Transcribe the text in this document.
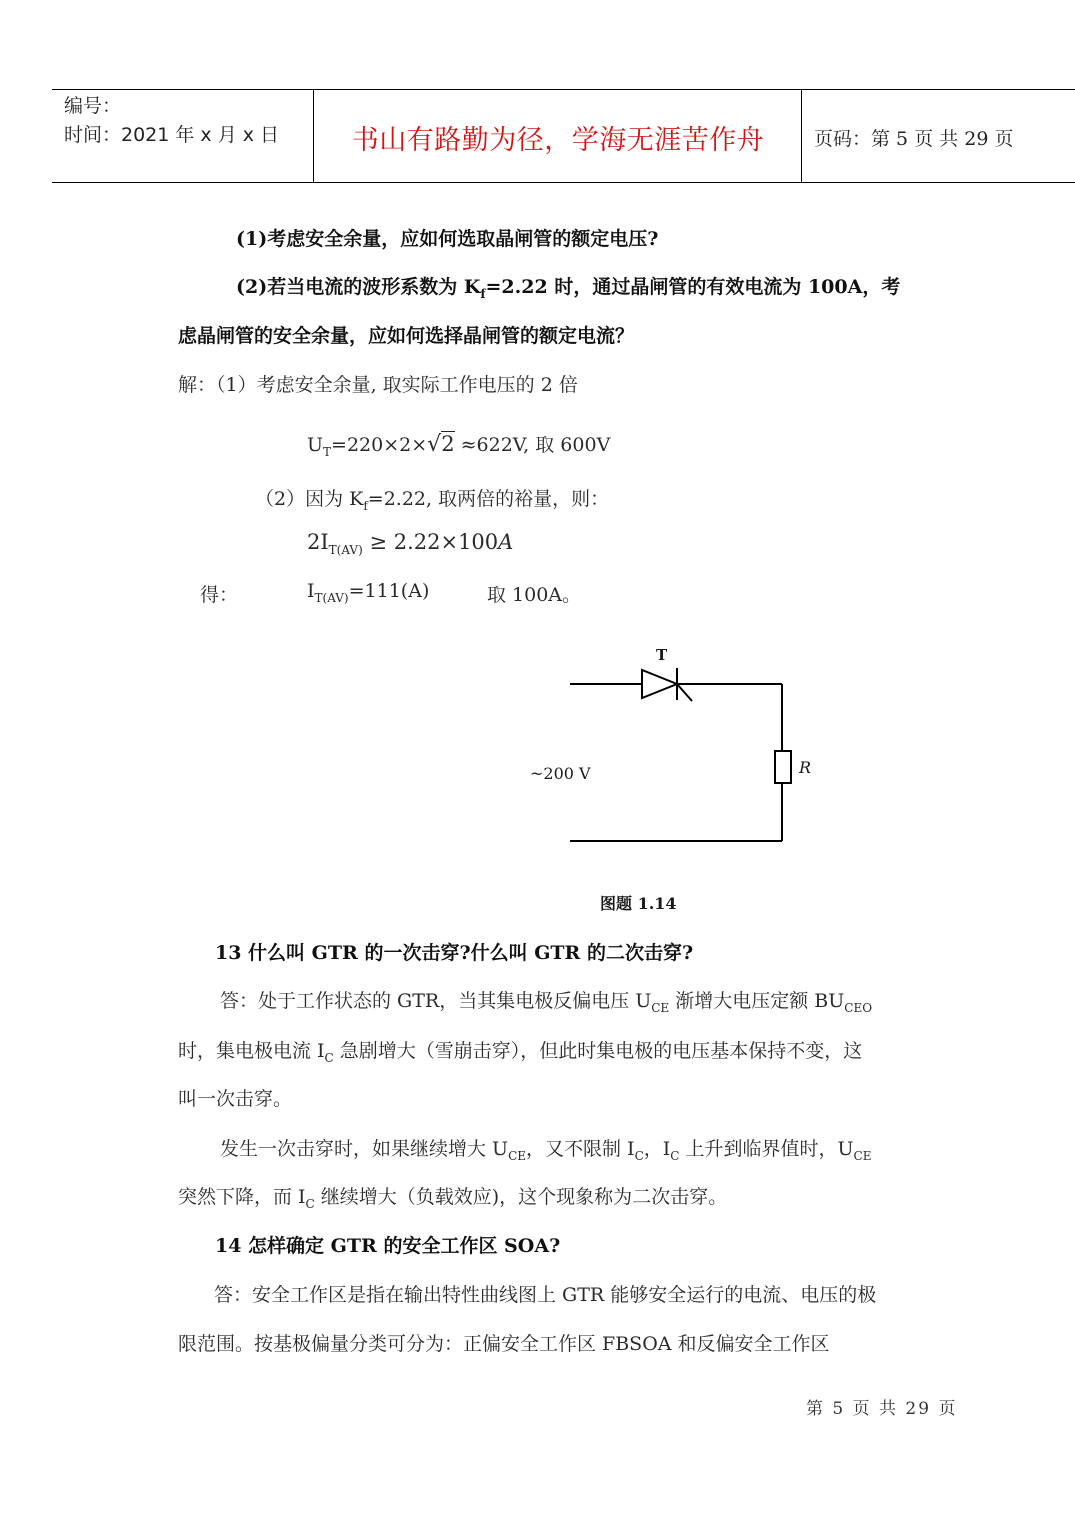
编号：
时间：2021 年 x 月 x 日	书山有路勤为径，学海无涯苦作舟	页码：第 5 页 共 29 页
(1)考虑安全余量，应如何选取晶闸管的额定电压?
(2)若当电流的波形系数为 $K_f=2.22$ 时，通过晶闸管的有效电流为 100A，考
虑晶闸管的安全余量，应如何选择晶闸管的额定电流？
解：（1）考虑安全余量, 取实际工作电压的 2 倍
$U_T=220\times 2\times√2 \approx 622V$, 取 600V
（2）因为 $K_f=2.22$, 取两倍的裕量，则：
$2I_{T(AV)} \ge 2.22\times 100A$
得：	$I_{T(AV)}=111(A)$	取 100A。
T
~200 V	R
图题 1.14
13 什么叫 GTR 的一次击穿?什么叫 GTR 的二次击穿?
答：处于工作状态的 GTR，当其集电极反偏电压 $U_{CE}$ 渐增大电压定额 $BU_{CEO}$
时，集电极电流 $I_C$ 急剧增大（雪崩击穿），但此时集电极的电压基本保持不变，这
叫一次击穿。
发生一次击穿时，如果继续增大 $U_{CE}$，又不限制 $I_C$，$I_C$ 上升到临界值时，$U_{CE}$
突然下降，而 $I_C$ 继续增大（负载效应)，这个现象称为二次击穿。
14 怎样确定 GTR 的安全工作区 SOA?
答：安全工作区是指在输出特性曲线图上 GTR 能够安全运行的电流、电压的极
限范围。按基极偏量分类可分为：正偏安全工作区 FBSOA 和反偏安全工作区
第 5 页 共 29 页
